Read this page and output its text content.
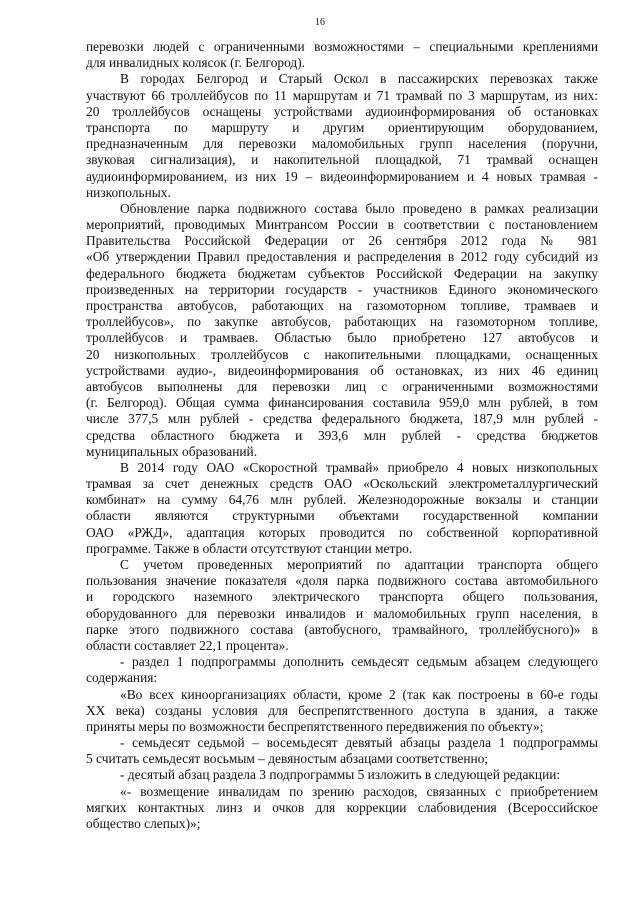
16
перевозки людей с ограниченными возможностями – специальными креплениями
для инвалидных колясок (г. Белгород).
В городах Белгород и Старый Оскол в пассажирских перевозках также
участвуют 66 троллейбусов по 11 маршрутам и 71 трамвай по 3 маршрутам, из них:
20 троллейбусов оснащены устройствами аудиоинформирования об остановках
транспорта по маршруту и другим ориентирующим оборудованием,
предназначенным для перевозки маломобильных групп населения (поручни,
звуковая сигнализация), и накопительной площадкой, 71 трамвай оснащен
аудиоинформированием, из них 19 – видеоинформированием и 4 новых трамвая -
низкопольных.
Обновление парка подвижного состава было проведено в рамках реализации
мероприятий, проводимых Минтрансом России в соответствии с постановлением
Правительства Российской Федерации от 26 сентября 2012 года № 981
«Об утверждении Правил предоставления и распределения в 2012 году субсидий из
федерального бюджета бюджетам субъектов Российской Федерации на закупку
произведенных на территории государств - участников Единого экономического
пространства автобусов, работающих на газомоторном топливе, трамваев и
троллейбусов», по закупке автобусов, работающих на газомоторном топливе,
троллейбусов и трамваев. Областью было приобретено 127 автобусов и
20 низкопольных троллейбусов с накопительными площадками, оснащенных
устройствами аудио-, видеоинформирования об остановках, из них 46 единиц
автобусов выполнены для перевозки лиц с ограниченными возможностями
(г. Белгород). Общая сумма финансирования составила 959,0 млн рублей, в том
числе 377,5 млн рублей - средства федерального бюджета, 187,9 млн рублей -
средства областного бюджета и 393,6 млн рублей - средства бюджетов
муниципальных образований.
В 2014 году ОАО «Скоростной трамвай» приобрело 4 новых низкопольных
трамвая за счет денежных средств ОАО «Оскольский электрометаллургический
комбинат» на сумму 64,76 млн рублей. Железнодорожные вокзалы и станции
области являются структурными объектами государственной компании
ОАО «РЖД», адаптация которых проводится по собственной корпоративной
программе. Также в области отсутствуют станции метро.
С учетом проведенных мероприятий по адаптации транспорта общего
пользования значение показателя «доля парка подвижного состава автомобильного
и городского наземного электрического транспорта общего пользования,
оборудованного для перевозки инвалидов и маломобильных групп населения, в
парке этого подвижного состава (автобусного, трамвайного, троллейбусного)» в
области составляет 22,1 процента».
- раздел 1 подпрограммы дополнить семьдесят седьмым абзацем следующего
содержания:
«Во всех киноорганизациях области, кроме 2 (так как построены в 60-е годы
XX века) созданы условия для беспрепятственного доступа в здания, а также
приняты меры по возможности беспрепятственного передвижения по объекту»;
- семьдесят седьмой – восемьдесят девятый абзацы раздела 1 подпрограммы
5 считать семьдесят восьмым – девяностым абзацами соответственно;
- десятый абзац раздела 3 подпрограммы 5 изложить в следующей редакции:
«- возмещение инвалидам по зрению расходов, связанных с приобретением
мягких контактных линз и очков для коррекции слабовидения (Всероссийское
общество слепых)»;
